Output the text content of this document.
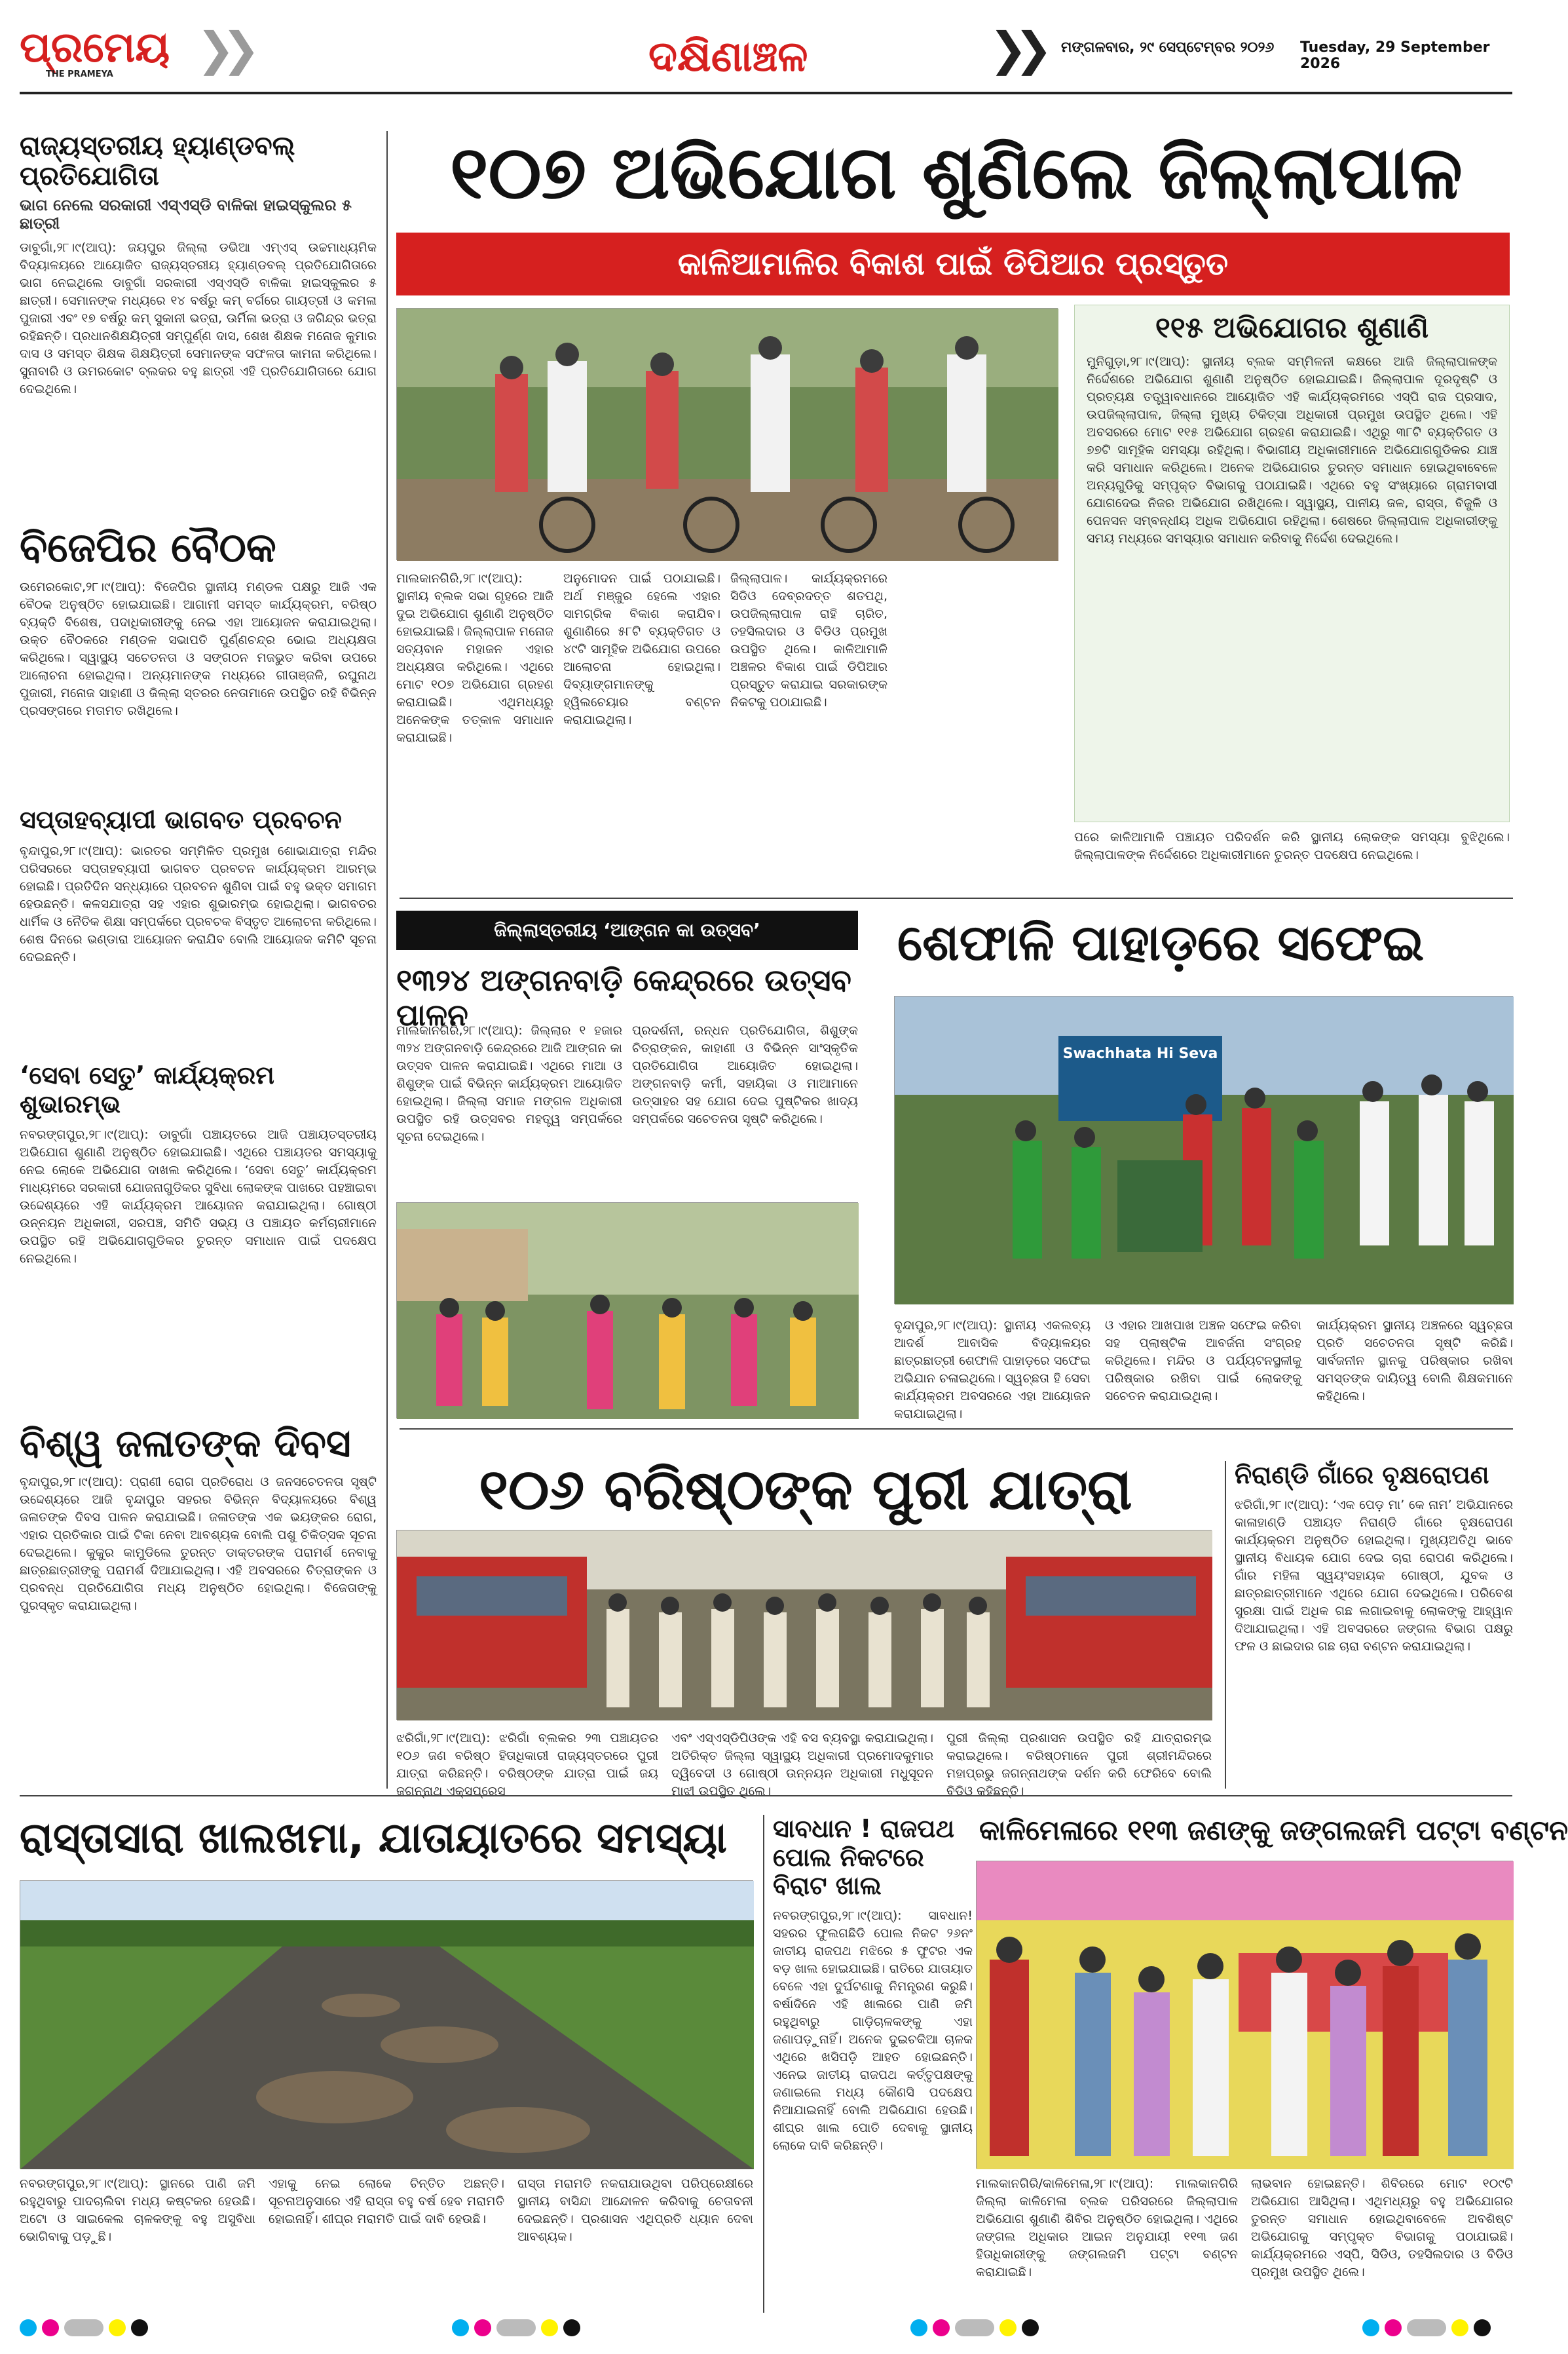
ପ୍ରମେୟ
THE PRAMEYA ❯❯	ଦକ୍ଷିଣାଞ୍ଚଳ	❯❯ ମଙ୍ଗଳବାର, ୨୯ ସେପ୍ଟେମ୍ବର ୨୦୨୬ Tuesday, 29 September 2026
ରାଜ୍ୟସ୍ତରୀୟ ହ୍ୟାଣ୍ଡବଲ୍ ପ୍ରତିଯୋଗିତା
ଭାଗ ନେଲେ ସରକାରୀ ଏସ୍ଏସ୍ଡି ବାଳିକା ହାଇସ୍କୁଲର ୫ ଛାତ୍ରୀ
ଡାବୁଗାଁ,୨୮।୯(ଆପ୍): ଜୟପୁର ଜିଲ୍ଲା ଡଭିଆ ଏମ୍ଏସ୍ ଉଚ୍ଚମାଧ୍ୟମିକ ବିଦ୍ୟାଳୟରେ ଆୟୋଜିତ ରାଜ୍ୟସ୍ତରୀୟ ହ୍ୟାଣ୍ଡବଲ୍ ପ୍ରତିଯୋଗିତାରେ ଭାଗ ନେଇଥିଲେ ଡାବୁଗାଁ ସରକାରୀ ଏସ୍ଏସ୍ଡି ବାଳିକା ହାଇସ୍କୁଲର ୫ ଛାତ୍ରୀ। ସେମାନଙ୍କ ମଧ୍ୟରେ ୧୪ ବର୍ଷରୁ କମ୍ ବର୍ଗରେ ଗାୟତ୍ରୀ ଓ କମଳା ପୁଜାରୀ ଏବଂ ୧୭ ବର୍ଷରୁ କମ୍ ସୁକାନୀ ଭତ୍ରା, ଊର୍ମିଳା ଭତ୍ରା ଓ ଜଗିନ୍ଦ୍ର ଭତ୍ରା ରହିଛନ୍ତି। ପ୍ରଧାନଶିକ୍ଷୟିତ୍ରୀ ସମ୍ପୁର୍ଣ୍ଣ ଦାସ, ଶେଖ ଶିକ୍ଷକ ମନୋଜ କୁମାର ଦାସ ଓ ସମସ୍ତ ଶିକ୍ଷକ ଶିକ୍ଷୟିତ୍ରୀ ସେମାନଙ୍କ ସଫଳତା କାମନା କରିଥିଲେ। ସୁନାବାରି ଓ ଉମରକୋଟ ବ୍ଲକର ବହୁ ଛାତ୍ରୀ ଏହି ପ୍ରତିଯୋଗିତାରେ ଯୋଗ ଦେଇଥିଲେ।
ବିଜେପିର ବୈଠକ
ଉମେରକୋଟ,୨୮।୯(ଆପ୍): ବିଜେପିର ସ୍ଥାନୀୟ ମଣ୍ଡଳ ପକ୍ଷରୁ ଆଜି ଏକ ବୈଠକ ଅନୁଷ୍ଠିତ ହୋଇଯାଇଛି। ଆଗାମୀ ସମସ୍ତ କାର୍ଯ୍ୟକ୍ରମ, ବରିଷ୍ଠ ବ୍ୟକ୍ତି ବିଶେଷ, ପଦାଧିକାରୀଙ୍କୁ ନେଇ ଏହା ଆୟୋଜନ କରାଯାଇଥିଲା। ଉକ୍ତ ବୈଠକରେ ମଣ୍ଡଳ ସଭାପତି ପୁର୍ଣ୍ଣଚନ୍ଦ୍ର ଭୋଇ ଅଧ୍ୟକ୍ଷତା କରିଥିଲେ। ସ୍ୱାସ୍ଥ୍ୟ ସଚେତନତା ଓ ସଙ୍ଗଠନ ମଜଭୁତ କରିବା ଉପରେ ଆଲୋଚନା ହୋଇଥିଲା। ଅନ୍ୟମାନଙ୍କ ମଧ୍ୟରେ ଗୀତାଞ୍ଜଳି, ରଘୁନାଥ ପୁଜାରୀ, ମନୋଜ ସାହାଣୀ ଓ ଜିଲ୍ଲା ସ୍ତରର ନେତାମାନେ ଉପସ୍ଥିତ ରହି ବିଭିନ୍ନ ପ୍ରସଙ୍ଗରେ ମତାମତ ରଖିଥିଲେ।
ସପ୍ତାହବ୍ୟାପୀ ଭାଗବତ ପ୍ରବଚନ
ବୃନ୍ଦାପୁର,୨୮।୯(ଆପ୍): ଭାରତର ସମ୍ମିଳିତ ପ୍ରମୁଖ ଶୋଭାଯାତ୍ରା ମନ୍ଦିର ପରିସରରେ ସପ୍ତାହବ୍ୟାପୀ ଭାଗବତ ପ୍ରବଚନ କାର୍ଯ୍ୟକ୍ରମ ଆରମ୍ଭ ହୋଇଛି। ପ୍ରତିଦିନ ସନ୍ଧ୍ୟାରେ ପ୍ରବଚନ ଶୁଣିବା ପାଇଁ ବହୁ ଭକ୍ତ ସମାଗମ ହେଉଛନ୍ତି। କଳସଯାତ୍ରା ସହ ଏହାର ଶୁଭାରମ୍ଭ ହୋଇଥିଲା। ଭାଗବତର ଧାର୍ମିକ ଓ ନୈତିକ ଶିକ୍ଷା ସମ୍ପର୍କରେ ପ୍ରବଚକ ବିସ୍ତୃତ ଆଲୋଚନା କରିଥିଲେ। ଶେଷ ଦିନରେ ଭଣ୍ଡାରା ଆୟୋଜନ କରାଯିବ ବୋଲି ଆୟୋଜକ କମିଟି ସୂଚନା ଦେଇଛନ୍ତି।
‘ସେବା ସେତୁ’ କାର୍ଯ୍ୟକ୍ରମ ଶୁଭାରମ୍ଭ
ନବରଙ୍ଗପୁର,୨୮।୯(ଆପ୍): ଡାବୁଗାଁ ପଞ୍ଚାୟତରେ ଆଜି ପଞ୍ଚାୟତସ୍ତରୀୟ ଅଭିଯୋଗ ଶୁଣାଣି ଅନୁଷ୍ଠିତ ହୋଇଯାଇଛି। ଏଥିରେ ପଞ୍ଚାୟତର ସମସ୍ୟାକୁ ନେଇ ଲୋକେ ଅଭିଯୋଗ ଦାଖଲ କରିଥିଲେ। ‘ସେବା ସେତୁ’ କାର୍ଯ୍ୟକ୍ରମ ମାଧ୍ୟମରେ ସରକାରୀ ଯୋଜନାଗୁଡିକର ସୁବିଧା ଲୋକଙ୍କ ପାଖରେ ପହଞ୍ଚାଇବା ଉଦ୍ଦେଶ୍ୟରେ ଏହି କାର୍ଯ୍ୟକ୍ରମ ଆୟୋଜନ କରାଯାଇଥିଲା। ଗୋଷ୍ଠୀ ଉନ୍ନୟନ ଅଧିକାରୀ, ସରପଞ୍ଚ, ସମିତି ସଭ୍ୟ ଓ ପଞ୍ଚାୟତ କର୍ମଚାରୀମାନେ ଉପସ୍ଥିତ ରହି ଅଭିଯୋଗଗୁଡିକର ତୁରନ୍ତ ସମାଧାନ ପାଇଁ ପଦକ୍ଷେପ ନେଇଥିଲେ।
ବିଶ୍ୱ ଜଳାତଙ୍କ ଦିବସ
ବୃନ୍ଦାପୁର,୨୮।୯(ଆପ୍): ପ୍ରାଣୀ ରୋଗ ପ୍ରତିରୋଧ ଓ ଜନସଚେତନତା ସୃଷ୍ଟି ଉଦ୍ଦେଶ୍ୟରେ ଆଜି ବୃନ୍ଦାପୁର ସହରର ବିଭିନ୍ନ ବିଦ୍ୟାଳୟରେ ବିଶ୍ୱ ଜଳାତଙ୍କ ଦିବସ ପାଳନ କରାଯାଇଛି। ଜଳାତଙ୍କ ଏକ ଭୟଙ୍କର ରୋଗ, ଏହାର ପ୍ରତିକାର ପାଇଁ ଟିକା ନେବା ଆବଶ୍ୟକ ବୋଲି ପଶୁ ଚିକିତ୍ସକ ସୂଚନା ଦେଇଥିଲେ। କୁକୁର କାମୁଡିଲେ ତୁରନ୍ତ ଡାକ୍ତରଙ୍କ ପରାମର୍ଶ ନେବାକୁ ଛାତ୍ରଛାତ୍ରୀଙ୍କୁ ପରାମର୍ଶ ଦିଆଯାଇଥିଲା। ଏହି ଅବସରରେ ଚିତ୍ରାଙ୍କନ ଓ ପ୍ରବନ୍ଧ ପ୍ରତିଯୋଗିତା ମଧ୍ୟ ଅନୁଷ୍ଠିତ ହୋଇଥିଲା। ବିଜେତାଙ୍କୁ ପୁରସ୍କୃତ କରାଯାଇଥିଲା।
୧୦୭ ଅଭିଯୋଗ ଶୁଣିଲେ ଜିଲ୍ଲାପାଳ
କାଳିଆମାଳିର ବିକାଶ ପାଇଁ ଡିପିଆର ପ୍ରସ୍ତୁତ
୧୧୫ ଅଭିଯୋଗର ଶୁଣାଣି
ମୁନିଗୁଡ଼ା,୨୮।୯(ଆପ୍): ସ୍ଥାନୀୟ ବ୍ଲକ ସମ୍ମିଳନୀ କକ୍ଷରେ ଆଜି ଜିଲ୍ଲାପାଳଙ୍କ ନିର୍ଦ୍ଦେଶରେ ଅଭିଯୋଗ ଶୁଣାଣି ଅନୁଷ୍ଠିତ ହୋଇଯାଇଛି। ଜିଲ୍ଲାପାଳ ଦୂରଦୃଷ୍ଟି ଓ ପ୍ରତ୍ୟକ୍ଷ ତତ୍ତ୍ୱାବଧାନରେ ଆୟୋଜିତ ଏହି କାର୍ଯ୍ୟକ୍ରମରେ ଏସ୍ପି ରାଜ ପ୍ରସାଦ, ଉପଜିଲ୍ଲାପାଳ, ଜିଲ୍ଲା ମୁଖ୍ୟ ଚିକିତ୍ସା ଅଧିକାରୀ ପ୍ରମୁଖ ଉପସ୍ଥିତ ଥିଲେ। ଏହି ଅବସରରେ ମୋଟ ୧୧୫ ଅଭିଯୋଗ ଗ୍ରହଣ କରାଯାଇଛି। ଏଥିରୁ ୩୮ଟି ବ୍ୟକ୍ତିଗତ ଓ ୭୭ଟି ସାମୂହିକ ସମସ୍ୟା ରହିଥିଲା। ବିଭାଗୀୟ ଅଧିକାରୀମାନେ ଅଭିଯୋଗଗୁଡିକର ଯାଞ୍ଚ କରି ସମାଧାନ କରିଥିଲେ। ଅନେକ ଅଭିଯୋଗର ତୁରନ୍ତ ସମାଧାନ ହୋଇଥିବାବେଳେ ଅନ୍ୟଗୁଡିକୁ ସମ୍ପୃକ୍ତ ବିଭାଗକୁ ପଠାଯାଇଛି। ଏଥିରେ ବହୁ ସଂଖ୍ୟାରେ ଗ୍ରାମବାସୀ ଯୋଗଦେଇ ନିଜର ଅଭିଯୋଗ ରଖିଥିଲେ। ସ୍ୱାସ୍ଥ୍ୟ, ପାନୀୟ ଜଳ, ରାସ୍ତା, ବିଜୁଳି ଓ ପେନସନ ସମ୍ବନ୍ଧୀୟ ଅଧିକ ଅଭିଯୋଗ ରହିଥିଲା। ଶେଷରେ ଜିଲ୍ଲାପାଳ ଅଧିକାରୀଙ୍କୁ ସମୟ ମଧ୍ୟରେ ସମସ୍ୟାର ସମାଧାନ କରିବାକୁ ନିର୍ଦ୍ଦେଶ ଦେଇଥିଲେ।
ମାଲକାନଗିରି,୨୮।୯(ଆପ୍): ସ୍ଥାନୀୟ ବ୍ଲକ ସଭା ଗୃହରେ ଆଜି ଦୁଇ ଅଭିଯୋଗ ଶୁଣାଣି ଅନୁଷ୍ଠିତ ହୋଇଯାଇଛି। ଜିଲ୍ଲାପାଳ ମନୋଜ ସତ୍ୟବାନ ମହାଜନ ଏହାର ଅଧ୍ୟକ୍ଷତା କରିଥିଲେ। ଏଥିରେ ମୋଟ ୧୦୭ ଅଭିଯୋଗ ଗ୍ରହଣ କରାଯାଇଛି। ଏଥିମଧ୍ୟରୁ ଅନେକଙ୍କ ତତ୍କାଳ ସମାଧାନ କରାଯାଇଛି।
ଅନୁମୋଦନ ପାଇଁ ପଠାଯାଇଛି। ଅର୍ଥ ମଞ୍ଜୁର ହେଲେ ଏହାର ସାମଗ୍ରିକ ବିକାଶ କରାଯିବ। ଶୁଣାଣିରେ ୫୮ଟି ବ୍ୟକ୍ତିଗତ ଓ ୪୯ଟି ସାମୂହିକ ଅଭିଯୋଗ ଉପରେ ଆଲୋଚନା ହୋଇଥିଲା। ଦିବ୍ୟାଙ୍ଗମାନଙ୍କୁ ହ୍ୱିଲଚେୟାର ବଣ୍ଟନ କରାଯାଇଥିଲା।
ଜିଲ୍ଲାପାଳ। କାର୍ଯ୍ୟକ୍ରମରେ ସିଡିଓ ଦେବ୍ରଦତ୍ତ ଶତପଥି, ଉପଜିଲ୍ଲାପାଳ ରାହି ଚାରିତ, ତହସିଲଦାର ଓ ବିଡିଓ ପ୍ରମୁଖ ଉପସ୍ଥିତ ଥିଲେ। କାଳିଆମାଳି ଅଞ୍ଚଳର ବିକାଶ ପାଇଁ ଡିପିଆର ପ୍ରସ୍ତୁତ କରାଯାଇ ସରକାରଙ୍କ ନିକଟକୁ ପଠାଯାଇଛି।
ପରେ କାଳିଆମାଳି ପଞ୍ଚାୟତ ପରିଦର୍ଶନ କରି ସ୍ଥାନୀୟ ଲୋକଙ୍କ ସମସ୍ୟା ବୁଝିଥିଲେ। ଜିଲ୍ଲାପାଳଙ୍କ ନିର୍ଦ୍ଦେଶରେ ଅଧିକାରୀମାନେ ତୁରନ୍ତ ପଦକ୍ଷେପ ନେଇଥିଲେ।
ଜିଲ୍ଲାସ୍ତରୀୟ ‘ଆଙ୍ଗନ କା ଉତ୍ସବ’
୧୩୨୪ ଅଙ୍ଗନବାଡ଼ି କେନ୍ଦ୍ରରେ ଉତ୍ସବ ପାଳନ
ମାଲକାନଗିରି,୨୮।୯(ଆପ୍): ଜିଲ୍ଲାର ୧ ହଜାର ୩୨୪ ଅଙ୍ଗନବାଡ଼ି କେନ୍ଦ୍ରରେ ଆଜି ଆଙ୍ଗନ କା ଉତ୍ସବ ପାଳନ କରାଯାଇଛି। ଏଥିରେ ମାଆ ଓ ଶିଶୁଙ୍କ ପାଇଁ ବିଭିନ୍ନ କାର୍ଯ୍ୟକ୍ରମ ଆୟୋଜିତ ହୋଇଥିଲା। ଜିଲ୍ଲା ସମାଜ ମଙ୍ଗଳ ଅଧିକାରୀ ଉପସ୍ଥିତ ରହି ଉତ୍ସବର ମହତ୍ତ୍ୱ ସମ୍ପର୍କରେ ସୂଚନା ଦେଇଥିଲେ।
ପ୍ରଦର୍ଶନୀ, ରନ୍ଧନ ପ୍ରତିଯୋଗିତା, ଶିଶୁଙ୍କ ଚିତ୍ରାଙ୍କନ, କାହାଣୀ ଓ ବିଭିନ୍ନ ସାଂସ୍କୃତିକ ପ୍ରତିଯୋଗିତା ଆୟୋଜିତ ହୋଇଥିଲା। ଅଙ୍ଗନବାଡ଼ି କର୍ମୀ, ସହାୟିକା ଓ ମାଆମାନେ ଉତ୍ସାହର ସହ ଯୋଗ ଦେଇ ପୁଷ୍ଟିକର ଖାଦ୍ୟ ସମ୍ପର୍କରେ ସଚେତନତା ସୃଷ୍ଟି କରିଥିଲେ।
ଶେଫାଳି ପାହାଡ଼ରେ ସଫେଇ
Swachhata Hi Seva
ବୃନ୍ଦାପୁର,୨୮।୯(ଆପ୍): ସ୍ଥାନୀୟ ଏକଲବ୍ୟ ଆଦର୍ଶ ଆବାସିକ ବିଦ୍ୟାଳୟର ଛାତ୍ରଛାତ୍ରୀ ଶେଫାଳି ପାହାଡ଼ରେ ସଫେଇ ଅଭିଯାନ ଚଳାଇଥିଲେ। ସ୍ୱଚ୍ଛତା ହି ସେବା କାର୍ଯ୍ୟକ୍ରମ ଅବସରରେ ଏହା ଆୟୋଜନ କରାଯାଇଥିଲା।
ଓ ଏହାର ଆଖପାଖ ଅଞ୍ଚଳ ସଫେଇ କରିବା ସହ ପ୍ଲାଷ୍ଟିକ ଆବର୍ଜନା ସଂଗ୍ରହ କରିଥିଲେ। ମନ୍ଦିର ଓ ପର୍ଯ୍ୟଟନସ୍ଥଳୀକୁ ପରିଷ୍କାର ରଖିବା ପାଇଁ ଲୋକଙ୍କୁ ସଚେତନ କରାଯାଇଥିଲା।
କାର୍ଯ୍ୟକ୍ରମ ସ୍ଥାନୀୟ ଅଞ୍ଚଳରେ ସ୍ୱଚ୍ଛତା ପ୍ରତି ସଚେତନତା ସୃଷ୍ଟି କରିଛି। ସାର୍ବଜନୀନ ସ୍ଥାନକୁ ପରିଷ୍କାର ରଖିବା ସମସ୍ତଙ୍କ ଦାୟିତ୍ୱ ବୋଲି ଶିକ୍ଷକମାନେ କହିଥିଲେ।
୧୦୬ ବରିଷ୍ଠଙ୍କ ପୁରୀ ଯାତ୍ରା
ଝରିଗାଁ,୨୮।୯(ଆପ୍): ଝରିଗାଁ ବ୍ଲକର ୨୩ ପଞ୍ଚାୟତର ୧୦୬ ଜଣ ବରିଷ୍ଠ ହିତାଧିକାରୀ ରାଜ୍ୟସ୍ତରରେ ପୁରୀ ଯାତ୍ରା କରିଛନ୍ତି। ବରିଷ୍ଠଙ୍କ ଯାତ୍ରା ପାଇଁ ଜୟ ଜଗନ୍ନାଥ ଏକ୍ସପ୍ରେସ
ଏବଂ ଏସ୍ଏସ୍ଡିପିଓଙ୍କ ଏହି ବସ ବ୍ୟବସ୍ଥା କରାଯାଇଥିଲା। ଅତିରିକ୍ତ ଜିଲ୍ଲା ସ୍ୱାସ୍ଥ୍ୟ ଅଧିକାରୀ ପ୍ରମୋଦକୁମାର ଦ୍ୱିବେଦୀ ଓ ଗୋଷ୍ଠୀ ଉନ୍ନୟନ ଅଧିକାରୀ ମଧୁସୂଦନ ମାଝୀ ଉପସ୍ଥିତ ଥିଲେ।
ପୁରୀ ଜିଲ୍ଲା ପ୍ରଶାସନ ଉପସ୍ଥିତ ରହି ଯାତ୍ରାରମ୍ଭ କରାଇଥିଲେ। ବରିଷ୍ଠମାନେ ପୁରୀ ଶ୍ରୀମନ୍ଦିରରେ ମହାପ୍ରଭୁ ଜଗନ୍ନାଥଙ୍କ ଦର୍ଶନ କରି ଫେରିବେ ବୋଲି ବିଡିଓ କହିଛନ୍ତି।
ନିରାଣ୍ଡି ଗାଁରେ ବୃକ୍ଷରୋପଣ
ଝରିଗାଁ,୨୮।୯(ଆପ୍): ‘ଏକ ପେଡ଼ ମା’ କେ ନାମ’ ଅଭିଯାନରେ କାଳାହାଣ୍ଡି ପଞ୍ଚାୟତ ନିରାଣ୍ଡି ଗାଁରେ ବୃକ୍ଷରୋପଣ କାର୍ଯ୍ୟକ୍ରମ ଅନୁଷ୍ଠିତ ହୋଇଥିଲା। ମୁଖ୍ୟଅତିଥି ଭାବେ ସ୍ଥାନୀୟ ବିଧାୟକ ଯୋଗ ଦେଇ ଚାରା ରୋପଣ କରିଥିଲେ। ଗାଁର ମହିଳା ସ୍ୱୟଂସହାୟକ ଗୋଷ୍ଠୀ, ଯୁବକ ଓ ଛାତ୍ରଛାତ୍ରୀମାନେ ଏଥିରେ ଯୋଗ ଦେଇଥିଲେ। ପରିବେଶ ସୁରକ୍ଷା ପାଇଁ ଅଧିକ ଗଛ ଲଗାଇବାକୁ ଲୋକଙ୍କୁ ଆହ୍ୱାନ ଦିଆଯାଇଥିଲା। ଏହି ଅବସରରେ ଜଙ୍ଗଲ ବିଭାଗ ପକ୍ଷରୁ ଫଳ ଓ ଛାଇଦାର ଗଛ ଚାରା ବଣ୍ଟନ କରାଯାଇଥିଲା।
ରାସ୍ତାସାରା ଖାଲଖମା, ଯାତାୟାତରେ ସମସ୍ୟା
ନବରଙ୍ଗପୁର,୨୮।୯(ଆପ୍): ସ୍ଥାନରେ ପାଣି ଜମି ରହୁଥିବାରୁ ପାଦଚାଲିବା ମଧ୍ୟ କଷ୍ଟକର ହେଉଛି। ଅଟୋ ଓ ସାଇକେଲ ଚାଳକଙ୍କୁ ବହୁ ଅସୁବିଧା ଭୋଗିବାକୁ ପଡ଼ୁଛି।
ଏହାକୁ ନେଇ ଲୋକେ ଚିନ୍ତିତ ଅଛନ୍ତି। ସୂଚନାଅନୁସାରେ ଏହି ରାସ୍ତା ବହୁ ବର୍ଷ ହେବ ମରାମତି ହୋଇନାହିଁ। ଶୀଘ୍ର ମରାମତି ପାଇଁ ଦାବି ହେଉଛି।
ରାସ୍ତା ମରାମତି ନକରାଯାଉଥିବା ପରିପ୍ରେକ୍ଷୀରେ ସ୍ଥାନୀୟ ବାସିନ୍ଦା ଆନ୍ଦୋଳନ କରିବାକୁ ଚେତାବନୀ ଦେଇଛନ୍ତି। ପ୍ରଶାସନ ଏଥିପ୍ରତି ଧ୍ୟାନ ଦେବା ଆବଶ୍ୟକ।
ସାବଧାନ ! ରାଜପଥ ପୋଲ ନିକଟରେ ବିରାଟ ଖାଲ
ନବରଙ୍ଗପୁର,୨୮।୯(ଆପ୍): ସାବଧାନ! ସହରର ଫୁଲଗଛିଡି ପୋଲ ନିକଟ ୨୬ନଂ ଜାତୀୟ ରାଜପଥ ମଝିରେ ୫ ଫୁଟର ଏକ ବଡ଼ ଖାଲ ହୋଇଯାଇଛି। ରାତିରେ ଯାତାୟାତ ବେଳେ ଏହା ଦୁର୍ଘଟଣାକୁ ନିମନ୍ତ୍ରଣ କରୁଛି। ବର୍ଷାଦିନେ ଏହି ଖାଲରେ ପାଣି ଜମି ରହୁଥିବାରୁ ଗାଡ଼ିଚାଳକଙ୍କୁ ଏହା ଜଣାପଡ଼ୁନାହିଁ। ଅନେକ ଦୁଇଚକିଆ ଚାଳକ ଏଥିରେ ଖସିପଡ଼ି ଆହତ ହୋଇଛନ୍ତି। ଏନେଇ ଜାତୀୟ ରାଜପଥ କର୍ତ୍ତୃପକ୍ଷଙ୍କୁ ଜଣାଇଲେ ମଧ୍ୟ କୌଣସି ପଦକ୍ଷେପ ନିଆଯାଇନାହିଁ ବୋଲି ଅଭିଯୋଗ ହେଉଛି। ଶୀଘ୍ର ଖାଲ ପୋତି ଦେବାକୁ ସ୍ଥାନୀୟ ଲୋକେ ଦାବି କରିଛନ୍ତି।
କାଳିମେଳାରେ ୧୧୩ ଜଣଙ୍କୁ ଜଙ୍ଗଲଜମି ପଟ୍ଟା ବଣ୍ଟନ
ମାଲକାନଗିରି/କାଳିମେଳା,୨୮।୯(ଆପ୍): ମାଲକାନଗିରି ଜିଲ୍ଲା କାଳିମେଳା ବ୍ଲକ ପରିସରରେ ଜିଲ୍ଲାପାଳ ଅଭିଯୋଗ ଶୁଣାଣି ଶିବିର ଅନୁଷ୍ଠିତ ହୋଇଥିଲା। ଏଥିରେ ଜଙ୍ଗଲ ଅଧିକାର ଆଇନ ଅନୁଯାୟୀ ୧୧୩ ଜଣ ହିତାଧିକାରୀଙ୍କୁ ଜଙ୍ଗଲଜମି ପଟ୍ଟା ବଣ୍ଟନ କରାଯାଇଛି।
ଲାଭବାନ ହୋଇଛନ୍ତି। ଶିବିରରେ ମୋଟ ୧୦୯ଟି ଅଭିଯୋଗ ଆସିଥିଲା। ଏଥିମଧ୍ୟରୁ ବହୁ ଅଭିଯୋଗର ତୁରନ୍ତ ସମାଧାନ ହୋଇଥିବାବେଳେ ଅବଶିଷ୍ଟ ଅଭିଯୋଗକୁ ସମ୍ପୃକ୍ତ ବିଭାଗକୁ ପଠାଯାଇଛି। କାର୍ଯ୍ୟକ୍ରମରେ ଏସ୍ପି, ସିଡିଓ, ତହସିଲଦାର ଓ ବିଡିଓ ପ୍ରମୁଖ ଉପସ୍ଥିତ ଥିଲେ।
